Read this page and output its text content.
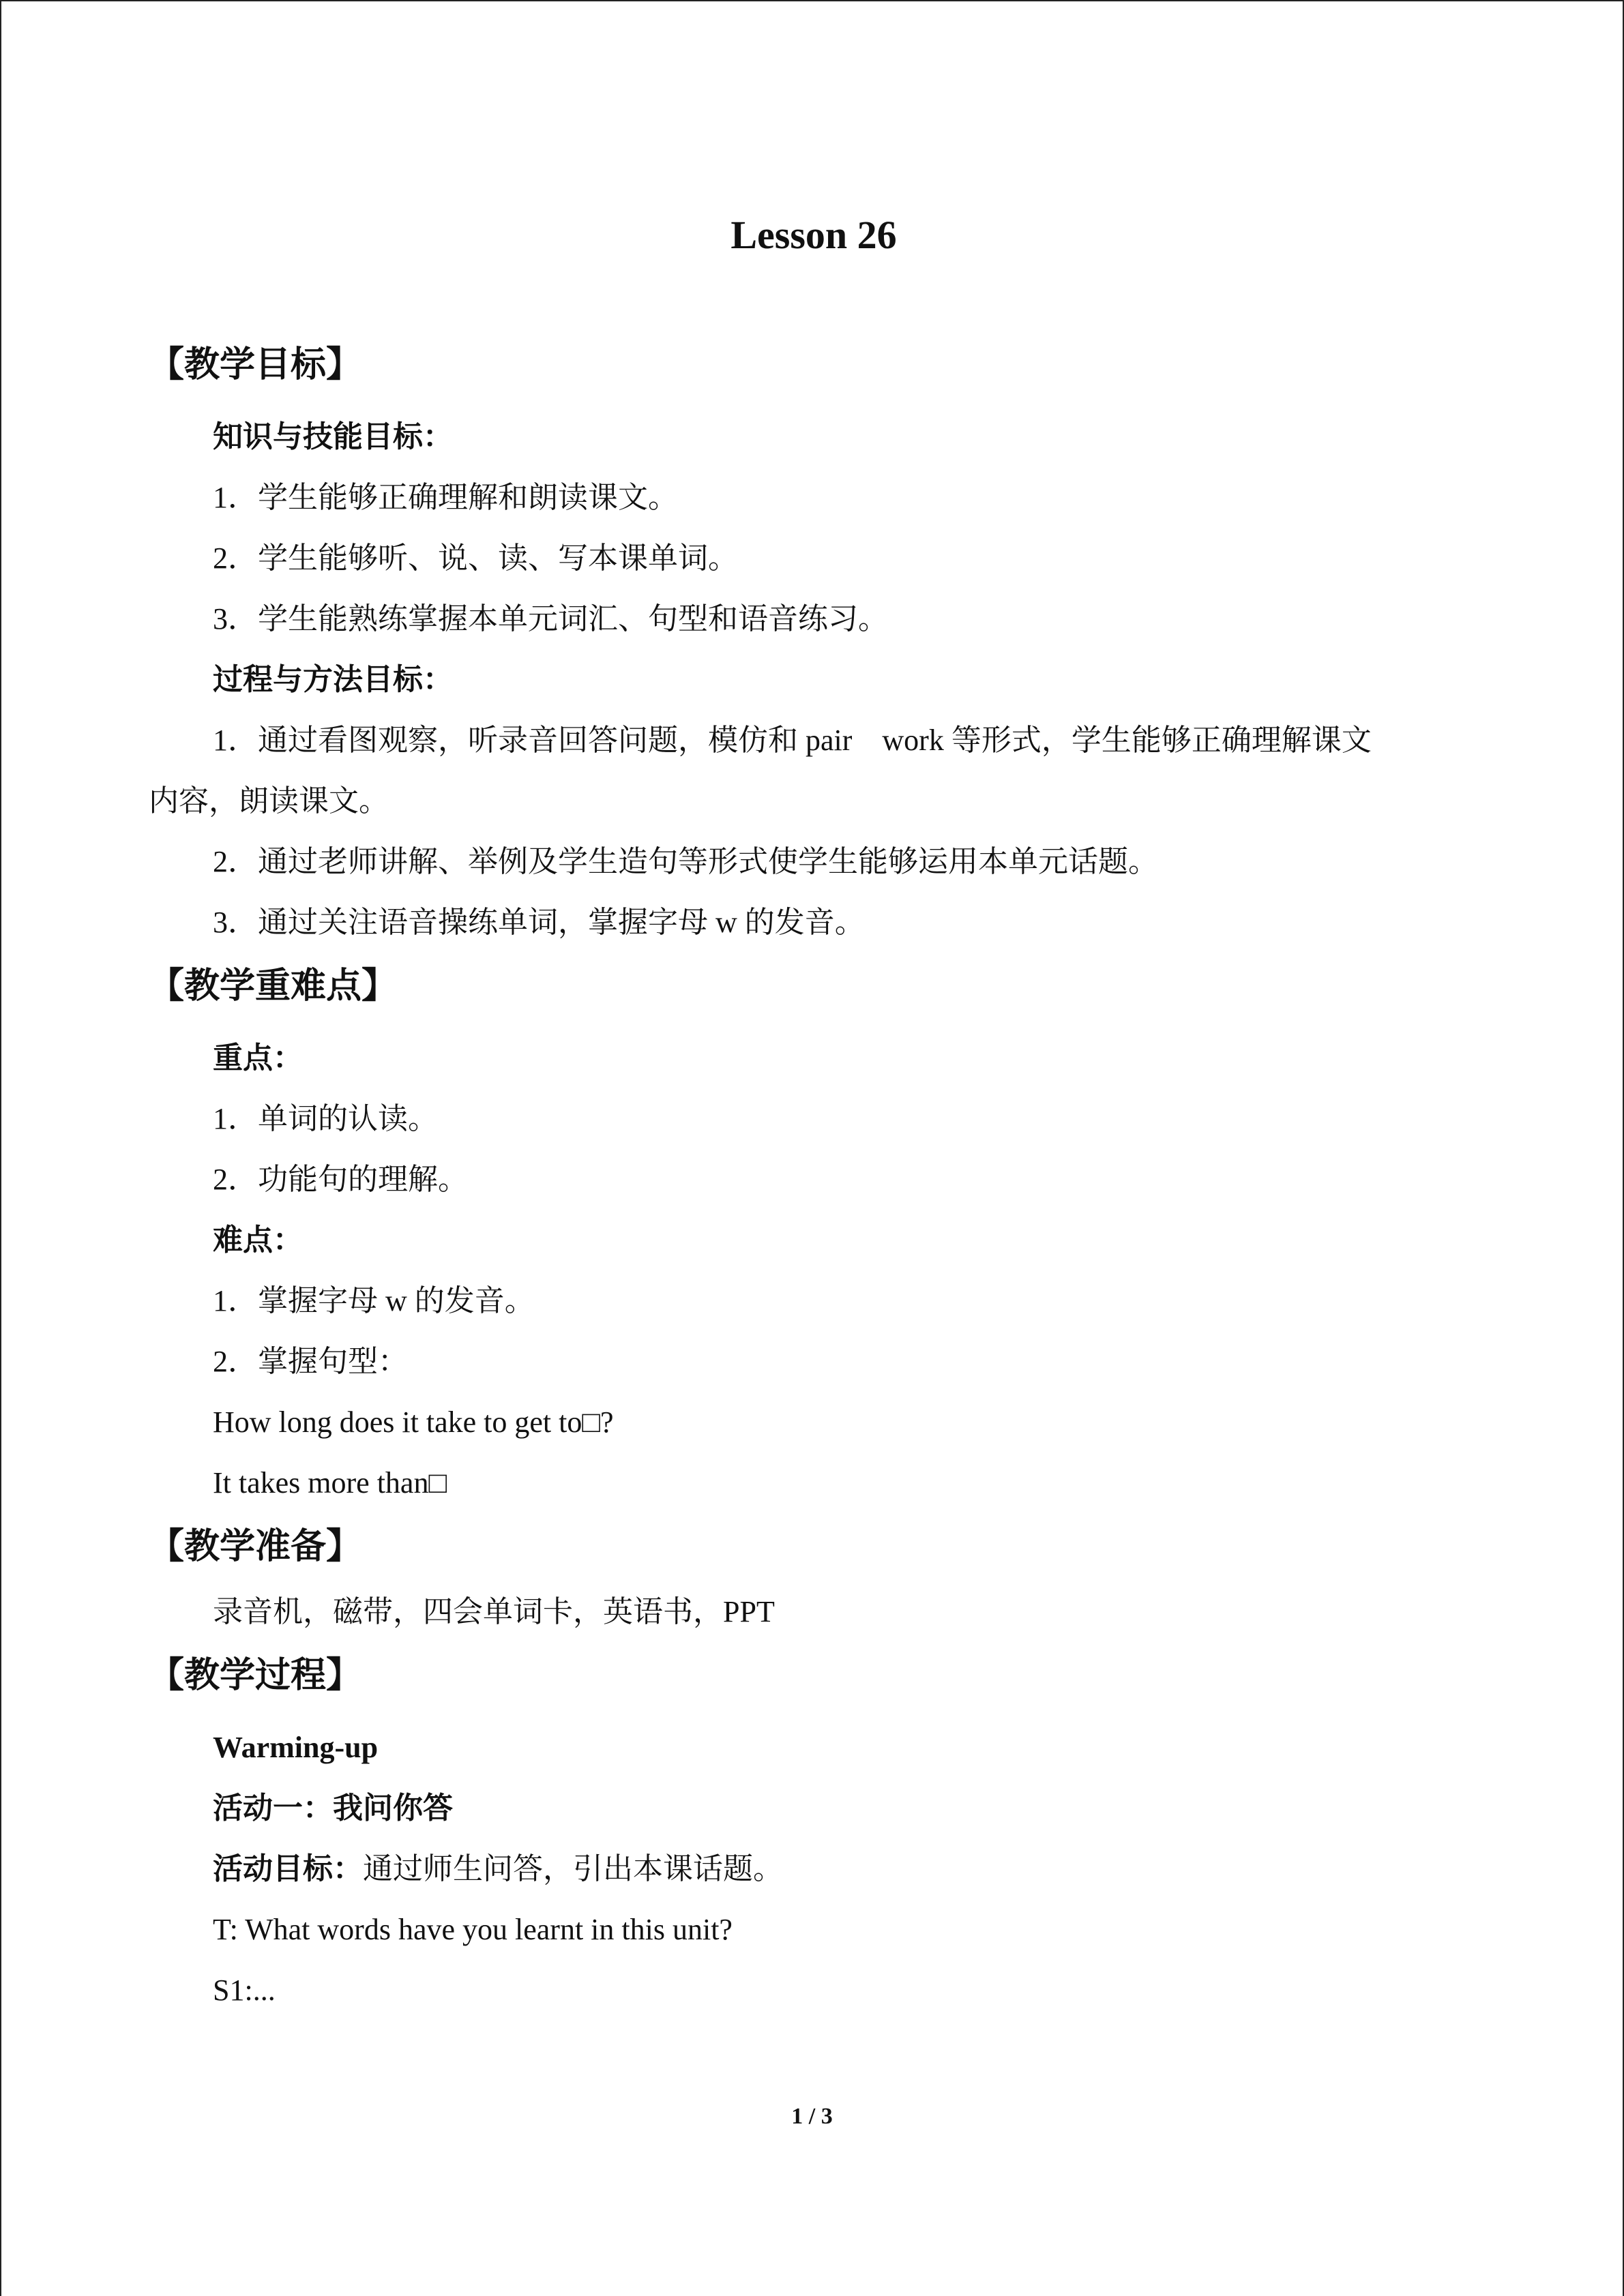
Lesson 26
【教学目标】

知识与技能目标：

1．学生能够正确理解和朗读课文。

2．学生能够听、说、读、写本课单词。

3．学生能熟练掌握本单元词汇、句型和语音练习。

过程与方法目标：

1．通过看图观察，听录音回答问题，模仿和 pair　work 等形式，学生能够正确理解课文

内容，朗读课文。

2．通过老师讲解、举例及学生造句等形式使学生能够运用本单元话题。

3．通过关注语音操练单词，掌握字母 w 的发音。

【教学重难点】

重点：

1．单词的认读。

2．功能句的理解。

难点：

1．掌握字母 w 的发音。

2．掌握句型：

How long does it take to get to□?

It takes more than□

【教学准备】

录音机，磁带，四会单词卡，英语书，PPT

【教学过程】

Warming-up

活动一：我问你答

活动目标：通过师生问答，引出本课话题。

T: What words have you learnt in this unit?

S1:...

1 / 3
